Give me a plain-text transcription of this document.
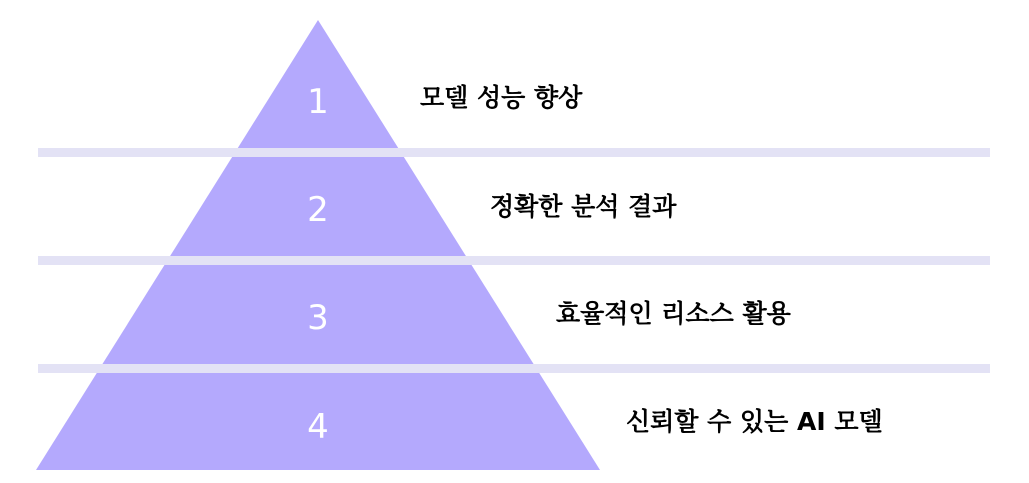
1
2
3
4
모델 성능 향상
정확한 분석 결과
효율적인 리소스 활용
신뢰할 수 있는 AI 모델
